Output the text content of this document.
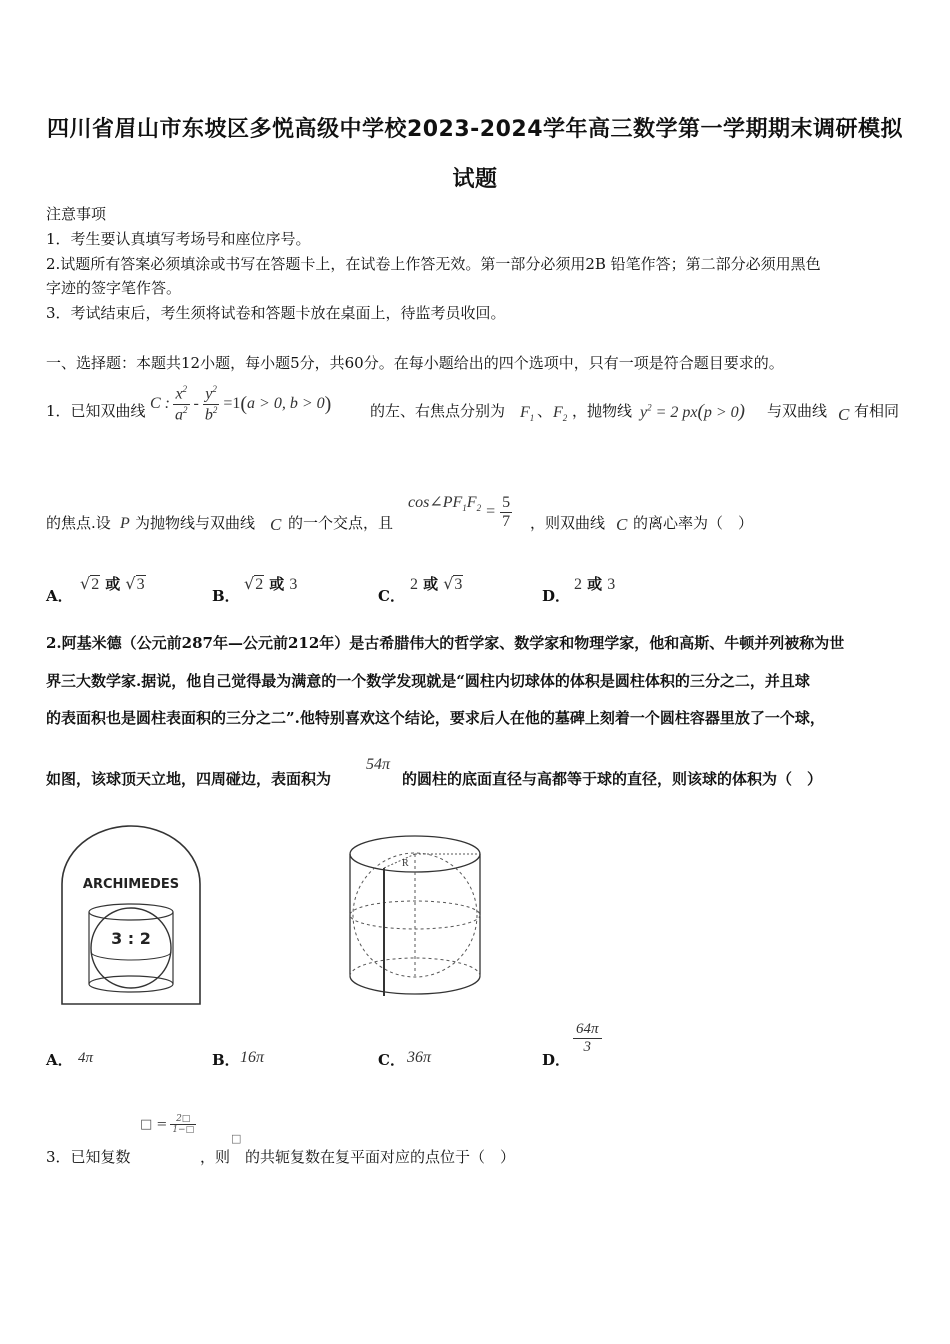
四川省眉山市东坡区多悦高级中学校2023-2024学年高三数学第一学期期末调研模拟
试题
注意事项
1．考生要认真填写考场号和座位序号。
2.试题所有答案必须填涂或书写在答题卡上，在试卷上作答无效。第一部分必须用2B 铅笔作答；第二部分必须用黑色
字迹的签字笔作答。
3．考试结束后，考生须将试卷和答题卡放在桌面上，待监考员收回。
一、选择题：本题共12小题，每小题5分，共60分。在每小题给出的四个选项中，只有一项是符合题目要求的。
1．已知双曲线 C : $\frac{x^2}{a^2} - \frac{y^2}{b^2} =1$ ( a > 0, b > 0 )	的左、右焦点分别为 $F_1$ 、 $F_2$ ，抛物线 $y^2 = 2$ px(p > 0) 与双曲线 C 有相同
的焦点.设 P 为抛物线与双曲线 C 的一个交点，且
$\cos\angle PF_1F_2 = \frac{5}{7}$ ，则双曲线 C 的离心率为（　）
A．
√2 或 √3
B．
√2 或 3
C．
2 或 √3
D．
2 或 3
2.阿基米德（公元前287年—公元前212年）是古希腊伟大的哲学家、数学家和物理学家，他和高斯、牛顿并列被称为世
界三大数学家.据说，他自己觉得最为满意的一个数学发现就是“圆柱内切球体的体积是圆柱体积的三分之二，并且球
的表面积也是圆柱表面积的三分之二”.他特别喜欢这个结论，要求后人在他的墓碑上刻着一个圆柱容器里放了一个球，
如图，该球顶天立地，四周碰边，表面积为
54π
的圆柱的底面直径与高都等于球的直径，则该球的体积为（　）
ARCHIMEDES
3 : 2
R
A． 4π	B． 16π	C． 36π	D．
$\frac{64\pi}{3}$
3．已知复数
□ = $\frac{2□}{1-□}$
，则
□
的共轭复数在复平面对应的点位于（　）
